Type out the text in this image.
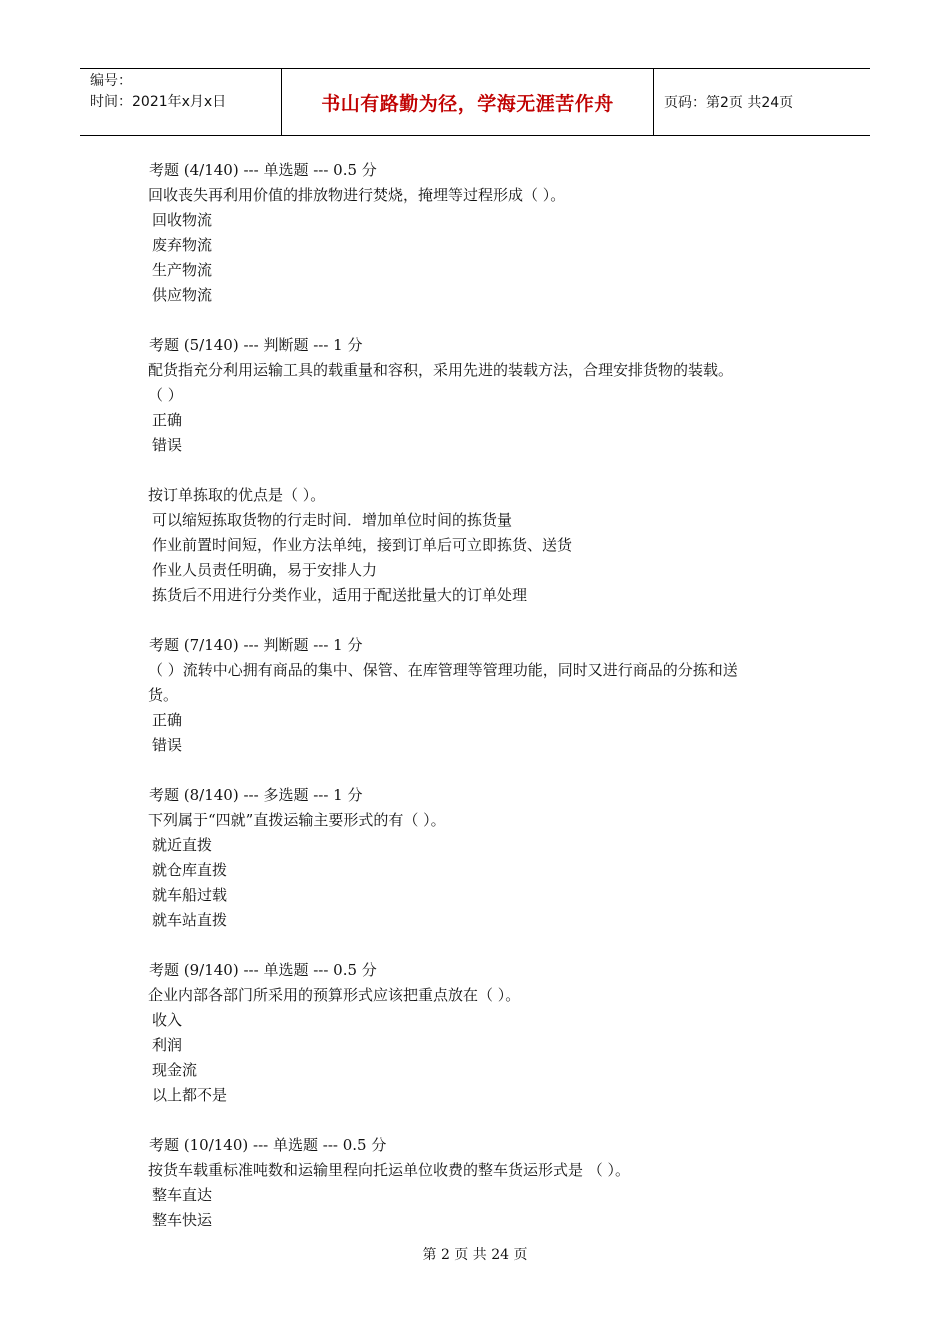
编号：
时间：2021年x月x日	书山有路勤为径，学海无涯苦作舟	页码：第2页 共24页
考题 (4/140) --- 单选题 --- 0.5 分
回收丧失再利用价值的排放物进行焚烧，掩埋等过程形成（ ）。
回收物流
废弃物流
生产物流
供应物流
考题 (5/140) --- 判断题 --- 1 分
配货指充分利用运输工具的载重量和容积，采用先进的装载方法，合理安排货物的装载。
（ ）
正确
错误
按订单拣取的优点是（ ）。
可以缩短拣取货物的行走时间．增加单位时间的拣货量
作业前置时间短，作业方法单纯，接到订单后可立即拣货、送货
作业人员责任明确，易于安排人力
拣货后不用进行分类作业，适用于配送批量大的订单处理
考题 (7/140) --- 判断题 --- 1 分
（ ）流转中心拥有商品的集中、保管、在库管理等管理功能，同时又进行商品的分拣和送
货。
正确
错误
考题 (8/140) --- 多选题 --- 1 分
下列属于“四就”直拨运输主要形式的有（ ）。
就近直拨
就仓库直拨
就车船过载
就车站直拨
考题 (9/140) --- 单选题 --- 0.5 分
企业内部各部门所采用的预算形式应该把重点放在（ ）。
收入
利润
现金流
以上都不是
考题 (10/140) --- 单选题 --- 0.5 分
按货车载重标准吨数和运输里程向托运单位收费的整车货运形式是 （ ）。
整车直达
整车快运
第 2 页 共 24 页
